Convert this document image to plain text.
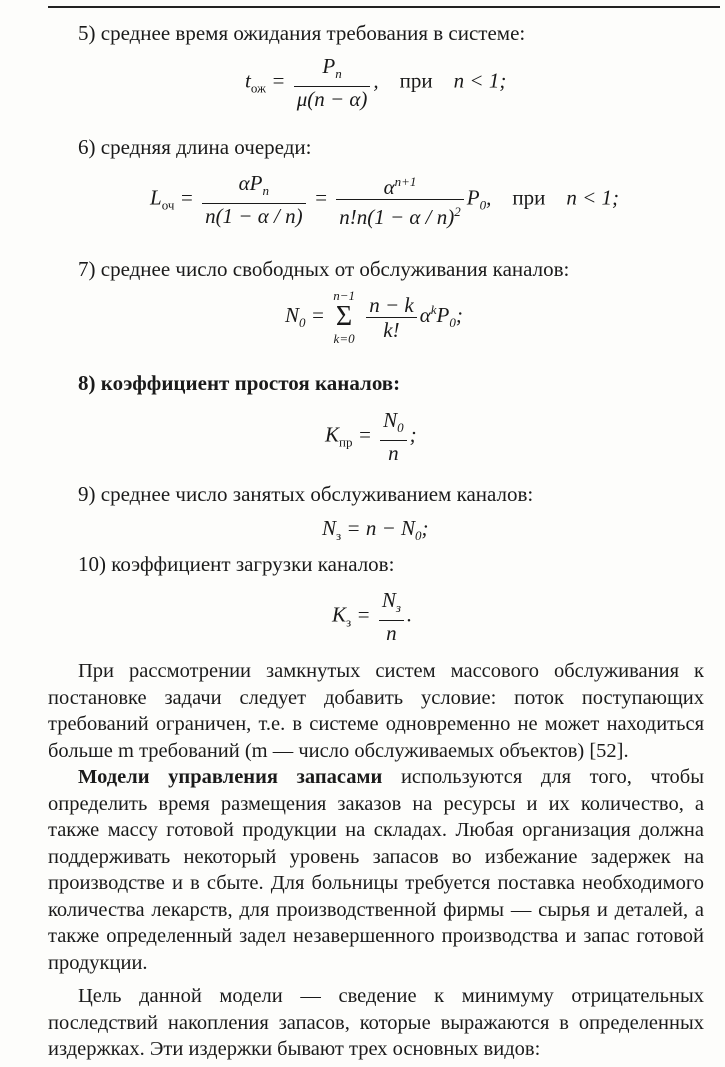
5) среднее время ожидания требования в системе:
$t_{ож} = \frac{P_n}{\mu(n - \alpha)}$ ,    при n < 1;
6) средняя длина очереди:
$L_{оч} = \frac{\alpha P_n}{n(1 - \alpha / n)} = \frac{\alpha^{n+1}}{n!n(1 - \alpha / n)^2} P_0$,    при n < 1;
7) среднее число свободных от обслуживания каналов:
$N_0$ =
n−1
Σ
k=0
$\frac{n - k}{k!} \alpha^kP_0$;
8) коэффициент простоя каналов:
$K_{пр} = \frac{N_0}{n}$ ;
9) среднее число занятых обслуживанием каналов:
$N_з = n - N_0$;
10) коэффициент загрузки каналов:
$K_з = \frac{N_з}{n}$ .
При рассмотрении замкнутых систем массового обслуживания к постановке задачи следует добавить условие: поток поступающих требований ограничен, т.е. в системе одновременно не может находиться больше m требований (m — число обслуживаемых объектов) [52].
Модели управления запасами используются для того, чтобы определить время размещения заказов на ресурсы и их количество, а также массу готовой продукции на складах. Любая организация должна поддерживать некоторый уровень запасов во избежание задержек на производстве и в сбыте. Для больницы требуется поставка необходимого количества лекарств, для производственной фирмы — сырья и деталей, а также определенный задел незавершенного производства и запас готовой продукции.
Цель данной модели — сведение к минимуму отрицательных последствий накопления запасов, которые выражаются в определенных издержках. Эти издержки бывают трех основных видов:
